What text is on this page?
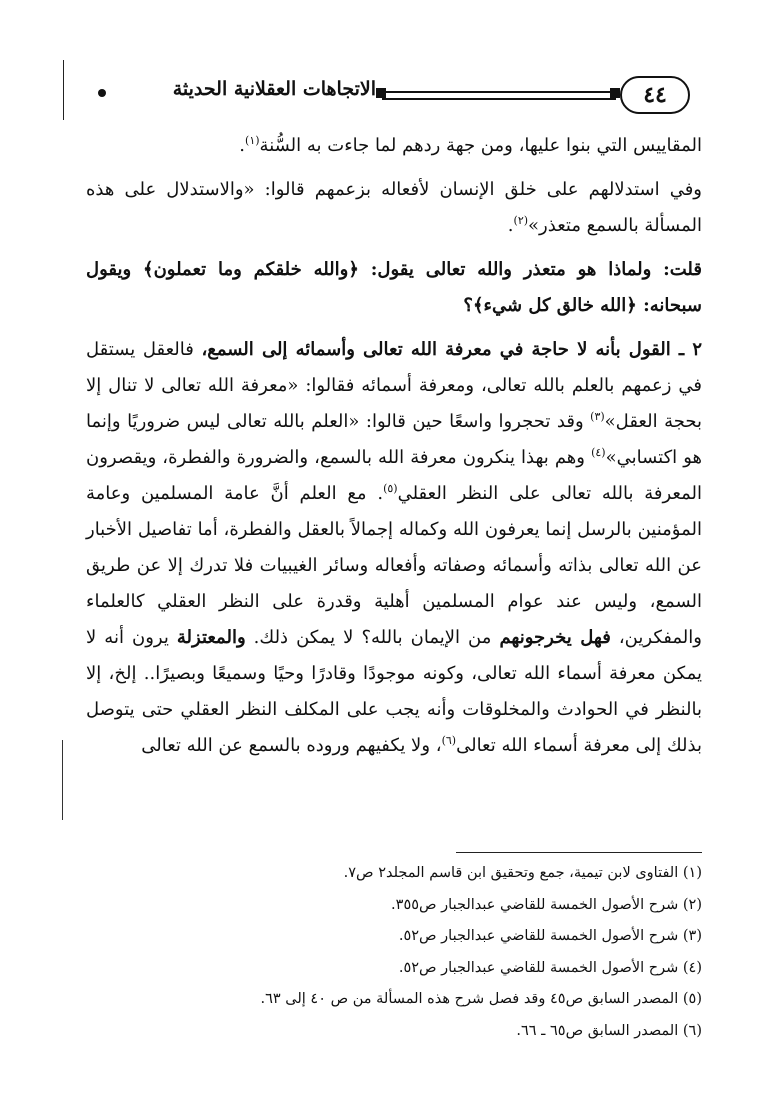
٤٤
الاتجاهات العقلانية الحديثة

المقاييس التي بنوا عليها، ومن جهة ردهم لما جاءت به السُّنة$^{(١)}$.

وفي استدلالهم على خلق الإنسان لأفعاله بزعمهم قالوا: «والاستدلال على هذه المسألة بالسمع متعذر»$^{(٢)}$.

قلت: ولماذا هو متعذر والله تعالى يقول: ﴿والله خلقكم وما تعملون﴾ ويقول سبحانه: ﴿الله خالق كل شيء﴾؟

٢ ـ القول بأنه لا حاجة في معرفة الله تعالى وأسمائه إلى السمع، فالعقل يستقل في زعمهم بالعلم بالله تعالى، ومعرفة أسمائه فقالوا: «معرفة الله تعالى لا تنال إلا بحجة العقل»$^{(٣)}$ وقد تحجروا واسعًا حين قالوا: «العلم بالله تعالى ليس ضروريًا وإنما هو اكتسابي»$^{(٤)}$ وهم بهذا ينكرون معرفة الله بالسمع، والضرورة والفطرة، ويقصرون المعرفة بالله تعالى على النظر العقلي$^{(٥)}$. مع العلم أنَّ عامة المسلمين وعامة المؤمنين بالرسل إنما يعرفون الله وكماله إجمالاً بالعقل والفطرة، أما تفاصيل الأخبار عن الله تعالى بذاته وأسمائه وصفاته وأفعاله وسائر الغيبيات فلا تدرك إلا عن طريق السمع، وليس عند عوام المسلمين أهلية وقدرة على النظر العقلي كالعلماء والمفكرين، فهل يخرجونهم من الإيمان بالله؟ لا يمكن ذلك. والمعتزلة يرون أنه لا يمكن معرفة أسماء الله تعالى، وكونه موجودًا وقادرًا وحيًا وسميعًا وبصيرًا.. إلخ، إلا بالنظر في الحوادث والمخلوقات وأنه يجب على المكلف النظر العقلي حتى يتوصل بذلك إلى معرفة أسماء الله تعالى$^{(٦)}$، ولا يكفيهم وروده بالسمع عن الله تعالى

(١) الفتاوى لابن تيمية، جمع وتحقيق ابن قاسم المجلد٢ ص٧.
(٢) شرح الأصول الخمسة للقاضي عبدالجبار ص٣٥٥.
(٣) شرح الأصول الخمسة للقاضي عبدالجبار ص٥٢.
(٤) شرح الأصول الخمسة للقاضي عبدالجبار ص٥٢.
(٥) المصدر السابق ص٤٥ وقد فصل شرح هذه المسألة من ص ٤٠ إلى ٦٣.
(٦) المصدر السابق ص٦٥ ـ ٦٦.
